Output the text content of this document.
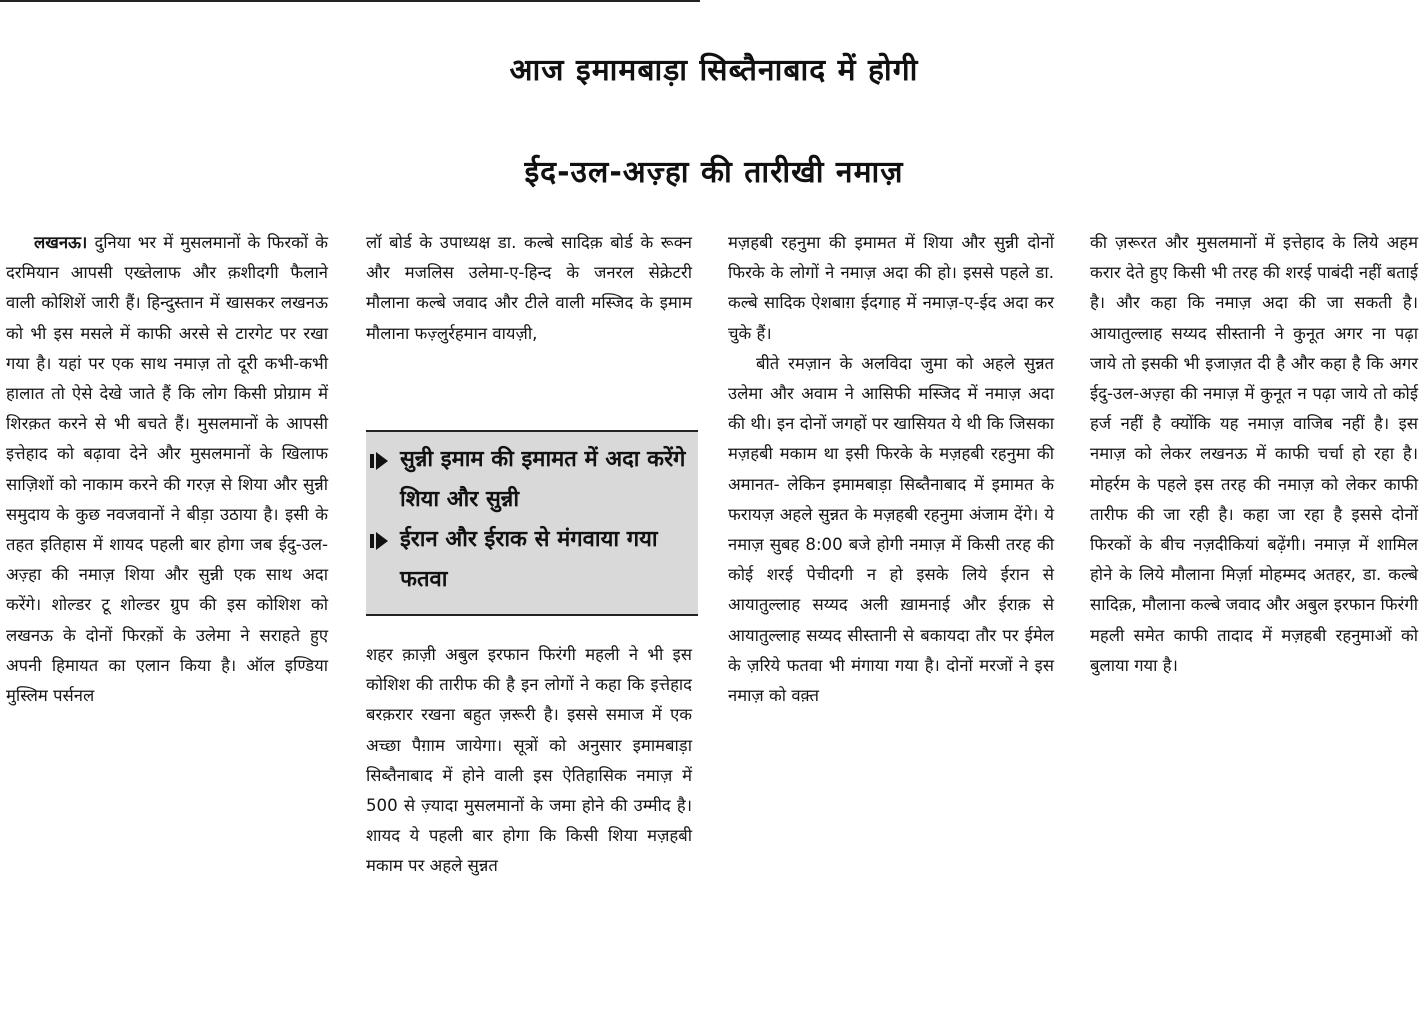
आज इमामबाड़ा सिब्तैनाबाद में होगी
ईद-उल-अज़्हा की तारीखी नमाज़

लखनऊ। दुनिया भर में मुसलमानों के फिरकों के दरमियान आपसी एख्तेलाफ और क़शीदगी फैलाने वाली कोशिशें जारी हैं। हिन्दुस्तान में खासकर लखनऊ को भी इस मसले में काफी अरसे से टारगेट पर रखा गया है। यहां पर एक साथ नमाज़ तो दूरी कभी-कभी हालात तो ऐसे देखे जाते हैं कि लोग किसी प्रोग्राम में शिरक़त करने से भी बचते हैं। मुसलमानों के आपसी इत्तेहाद को बढ़ावा देने और मुसलमानों के खिलाफ साज़िशों को नाकाम करने की गरज़ से शिया और सुन्नी समुदाय के कुछ नवजवानों ने बीड़ा उठाया है। इसी के तहत इतिहास में शायद पहली बार होगा जब ईदु-उल-अज़्हा की नमाज़ शिया और सुन्नी एक साथ अदा करेंगे। शोल्डर टू शोल्डर ग्रुप की इस कोशिश को लखनऊ के दोनों फिरक़ों के उलेमा ने सराहते हुए अपनी हिमायत का एलान किया है। ऑल इण्डिया मुस्लिम पर्सनल

लॉ बोर्ड के उपाध्यक्ष डा. कल्बे सादिक़ बोर्ड के रूक्न और मजलिस उलेमा-ए-हिन्द के जनरल सेक्रेटरी मौलाना कल्बे जवाद और टीले वाली मस्जिद के इमाम मौलाना फज़्लुर्रहमान वायज़ी,

सुन्नी इमाम की इमामत में अदा करेंगे शिया और सुन्नी
ईरान और ईराक से मंगवाया गया फतवा

शहर क़ाज़ी अबुल इरफान फिरंगी महली ने भी इस कोशिश की तारीफ की है इन लोगों ने कहा कि इत्तेहाद बरक़रार रखना बहुत ज़रूरी है। इससे समाज में एक अच्छा पैग़ाम जायेगा। सूत्रों को अनुसार इमामबाड़ा सिब्तैनाबाद में होने वाली इस ऐतिहासिक नमाज़ में 500 से ज़्यादा मुसलमानों के जमा होने की उम्मीद है। शायद ये पहली बार होगा कि किसी शिया मज़हबी मकाम पर अहले सुन्नत

मज़हबी रहनुमा की इमामत में शिया और सुन्नी दोनों फिरके के लोगों ने नमाज़ अदा की हो। इससे पहले डा. कल्बे सादिक ऐशबाग़ ईदगाह में नमाज़-ए-ईद अदा कर चुके हैं।

बीते रमज़ान के अलविदा जुमा को अहले सुन्नत उलेमा और अवाम ने आसिफी मस्जिद में नमाज़ अदा की थी। इन दोनों जगहों पर खासियत ये थी कि जिसका मज़हबी मकाम था इसी फिरके के मज़हबी रहनुमा की अमानत- लेकिन इमामबाड़ा सिब्तैनाबाद में इमामत के फरायज़ अहले सुन्नत के मज़हबी रहनुमा अंजाम देंगे। ये नमाज़ सुबह 8:00 बजे होगी नमाज़ में किसी तरह की कोई शरई पेचीदगी न हो इसके लिये ईरान से आयातुल्लाह सय्यद अली ख़ामनाई और ईराक़ से आयातुल्लाह सय्यद सीस्तानी से बकायदा तौर पर ईमेल के ज़रिये फतवा भी मंगाया गया है। दोनों मरजों ने इस नमाज़ को वक़्त

की ज़रूरत और मुसलमानों में इत्तेहाद के लिये अहम करार देते हुए किसी भी तरह की शरई पाबंदी नहीं बताई है। और कहा कि नमाज़ अदा की जा सकती है। आयातुल्लाह सय्यद सीस्तानी ने कुनूत अगर ना पढ़ा जाये तो इसकी भी इजाज़त दी है और कहा है कि अगर ईदु-उल-अज़्हा की नमाज़ में कुनूत न पढ़ा जाये तो कोई हर्ज नहीं है क्योंकि यह नमाज़ वाजिब नहीं है। इस नमाज़ को लेकर लखनऊ में काफी चर्चा हो रहा है। मोहर्रम के पहले इस तरह की नमाज़ को लेकर काफी तारीफ की जा रही है। कहा जा रहा है इससे दोनों फिरकों के बीच नज़दीकियां बढ़ेंगी। नमाज़ में शामिल होने के लिये मौलाना मिर्ज़ा मोहम्मद अतहर, डा. कल्बे सादिक़, मौलाना कल्बे जवाद और अबुल इरफान फिरंगी महली समेत काफी तादाद में मज़हबी रहनुमाओं को बुलाया गया है।
